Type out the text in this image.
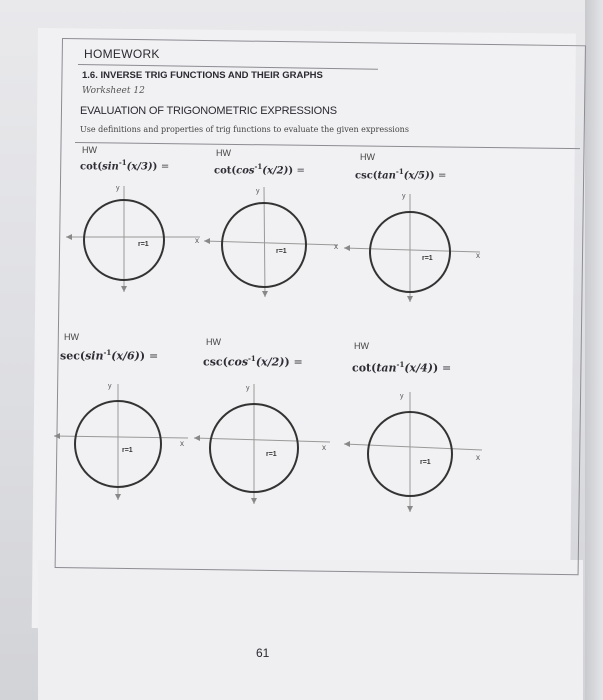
HOMEWORK
1.6. INVERSE TRIG FUNCTIONS AND THEIR GRAPHS
Worksheet 12
EVALUATION OF TRIGONOMETRIC EXPRESSIONS
Use definitions and properties of trig functions to evaluate the given expressions
HW
$\cot(\sin^{-1}(x/3))$ =
y
x
r=1
HW
$\cot(\cos^{-1}(x/2))$ =
y
x
r=1
HW
$\csc(\tan^{-1}(x/5))$ =
y
x
r=1
HW
$\sec(\sin^{-1}(x/6))$ =
y
x
r=1
HW
$\csc(\cos^{-1}(x/2))$ =
y
x
r=1
HW
$\cot(\tan^{-1}(x/4))$ =
y
x
r=1
61
